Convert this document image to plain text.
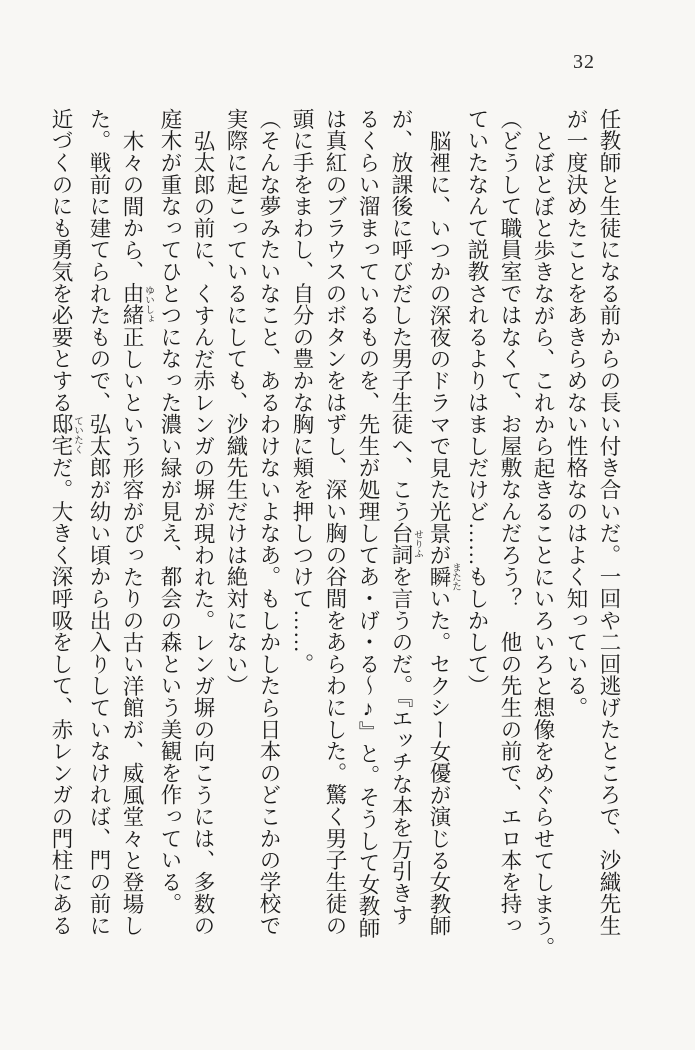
32

任教師と生徒になる前からの長い付き合いだ。一回や二回逃げたところで、沙織先生

が一度決めたことをあきらめない性格なのはよく知っている。

とぼとぼと歩きながら、これから起きることにいろいろと想像をめぐらせてしまう。

（どうして職員室ではなくて、お屋敷なんだろう？　他の先生の前で、エロ本を持っ

ていたなんて説教されるよりはましだけど……もしかして）

脳裡に、いつかの深夜のドラマで見た光景が瞬 またたいた。セクシー女優が演じる女教師

が、放課後に呼びだした男子生徒へ、こう台詞 せりふを言うのだ。『エッチな本を万引きす

るくらい溜まっているものを、先生が処理してあ・げ・る～♪』と。そうして女教師

は真紅のブラウスのボタンをはずし、深い胸の谷間をあらわにした。驚く男子生徒の

頭に手をまわし、自分の豊かな胸に頬を押しつけて……。

（そんな夢みたいなこと、あるわけないよなあ。もしかしたら日本のどこかの学校で

実際に起こっているにしても、沙織先生だけは絶対にない）

弘太郎の前に、くすんだ赤レンガの塀が現われた。レンガ塀の向こうには、多数の

庭木が重なってひとつになった濃い緑が見え、都会の森という美観を作っている。

木々の間から、由緒 ゆいしょ正しいという形容がぴったりの古い洋館が、威風堂々と登場し

た。戦前に建てられたもので、弘太郎が幼い頃から出入りしていなければ、門の前に

近づくのにも勇気を必要とする邸宅 ていたくだ。大きく深呼吸をして、赤レンガの門柱にある
